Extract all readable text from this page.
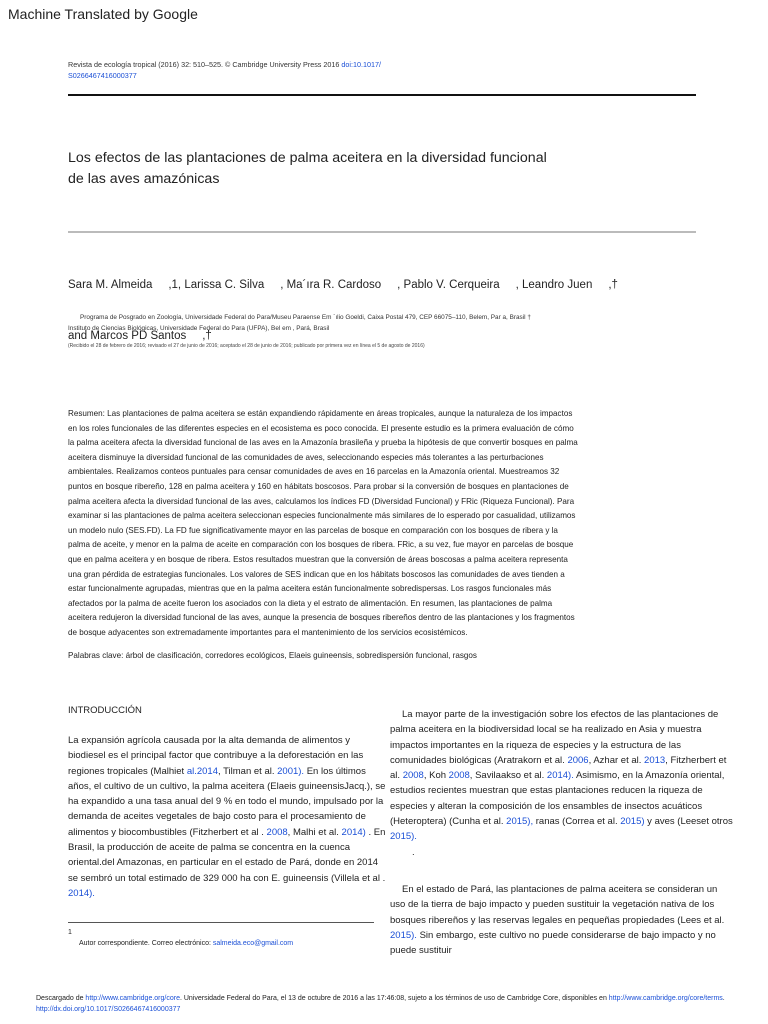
Machine Translated by Google
Revista de ecología tropical (2016) 32: 510–525. © Cambridge University Press 2016 doi:10.1017/
S0266467416000377
Los efectos de las plantaciones de palma aceitera en la diversidad funcional
de las aves amazónicas

Sara M. Almeida     ,1, Larissa C. Silva     , Ma´ıra R. Cardoso     , Pablo V. Cerqueira     , Leandro Juen     ,†

and Marcos PD Santos     ,†

Programa de Posgrado en Zoología, Universidade Federal do Para/Museu Paraense Em ´ılio Goeldi, Caixa Postal 479, CEP 66075–110, Belem, Par a, Brasil †
Instituto de Ciencias Biológicas, Universidade Federal do Para (UFPA), Bel em , Pará, Brasil
(Recibido el 28 de febrero de 2016; revisado el 27 de junio de 2016; aceptado el 28 de junio de 2016; publicado por primera vez en línea el 5 de agosto de 2016)
Resumen: Las plantaciones de palma aceitera se están expandiendo rápidamente en áreas tropicales, aunque la naturaleza de los impactos
en los roles funcionales de las diferentes especies en el ecosistema es poco conocida. El presente estudio es la primera evaluación de cómo
la palma aceitera afecta la diversidad funcional de las aves en la Amazonía brasileña y prueba la hipótesis de que convertir bosques en palma
aceitera disminuye la diversidad funcional de las comunidades de aves, seleccionando especies más tolerantes a las perturbaciones
ambientales. Realizamos conteos puntuales para censar comunidades de aves en 16 parcelas en la Amazonía oriental. Muestreamos 32
puntos en bosque ribereño, 128 en palma aceitera y 160 en hábitats boscosos. Para probar si la conversión de bosques en plantaciones de
palma aceitera afecta la diversidad funcional de las aves, calculamos los índices FD (Diversidad Funcional) y FRic (Riqueza Funcional). Para
examinar si las plantaciones de palma aceitera seleccionan especies funcionalmente más similares de lo esperado por casualidad, utilizamos
un modelo nulo (SES.FD). La FD fue significativamente mayor en las parcelas de bosque en comparación con los bosques de ribera y la
palma de aceite, y menor en la palma de aceite en comparación con los bosques de ribera. FRic, a su vez, fue mayor en parcelas de bosque
que en palma aceitera y en bosque de ribera. Estos resultados muestran que la conversión de áreas boscosas a palma aceitera representa
una gran pérdida de estrategias funcionales. Los valores de SES indican que en los hábitats boscosos las comunidades de aves tienden a
estar funcionalmente agrupadas, mientras que en la palma aceitera están funcionalmente sobredispersas. Los rasgos funcionales más
afectados por la palma de aceite fueron los asociados con la dieta y el estrato de alimentación. En resumen, las plantaciones de palma
aceitera redujeron la diversidad funcional de las aves, aunque la presencia de bosques ribereños dentro de las plantaciones y los fragmentos
de bosque adyacentes son extremadamente importantes para el mantenimiento de los servicios ecosistémicos.
Palabras clave: árbol de clasificación, corredores ecológicos, Elaeis guineensis, sobredispersión funcional, rasgos
INTRODUCCIÓN

La expansión agrícola causada por la alta demanda de alimentos y biodiesel es el principal factor que contribuye a la deforestación en las regiones tropicales (Malhiet al.2014, Tilman et al. 2001). En los últimos años, el cultivo de un cultivo, la palma aceitera (Elaeis guineensisJacq.), se ha expandido a una tasa anual del 9 % en todo el mundo, impulsado por la demanda de aceites vegetales de bajo costo para el procesamiento de alimentos y biocombustibles (Fitzherbert et al . 2008, Malhi et al. 2014) . En Brasil, la producción de aceite de palma se concentra en la cuenca oriental.del Amazonas, en particular en el estado de Pará, donde en 2014 se sembró un total estimado de 329 000 ha con E. guineensis (Villela et al . 2014).

La mayor parte de la investigación sobre los efectos de las plantaciones de palma aceitera en la biodiversidad local se ha realizado en Asia y muestra impactos importantes en la riqueza de especies y la estructura de las comunidades biológicas (Aratrakorn et al. 2006, Azhar et al. 2013, Fitzherbert et al. 2008, Koh 2008, Savilaakso et al. 2014). Asimismo, en la Amazonía oriental, estudios recientes muestran que estas plantaciones reducen la riqueza de especies y alteran la composición de los ensambles de insectos acuáticos (Heteroptera) (Cunha et al. 2015), ranas (Correa et al. 2015) y aves (Leeset otros 2015).
.

En el estado de Pará, las plantaciones de palma aceitera se consideran un uso de la tierra de bajo impacto y pueden sustituir la vegetación nativa de los bosques ribereños y las reservas legales en pequeñas propiedades (Lees et al. 2015). Sin embargo, este cultivo no puede considerarse de bajo impacto y no puede sustituir

1
Autor correspondiente. Correo electrónico: salmeida.eco@gmail.com
Descargado de http://www.cambridge.org/core. Universidade Federal do Para, el 13 de octubre de 2016 a las 17:46:08, sujeto a los términos de uso de Cambridge Core, disponibles en http://www.cambridge.org/core/terms. http://dx.doi.org/10.1017/S0266467416000377
